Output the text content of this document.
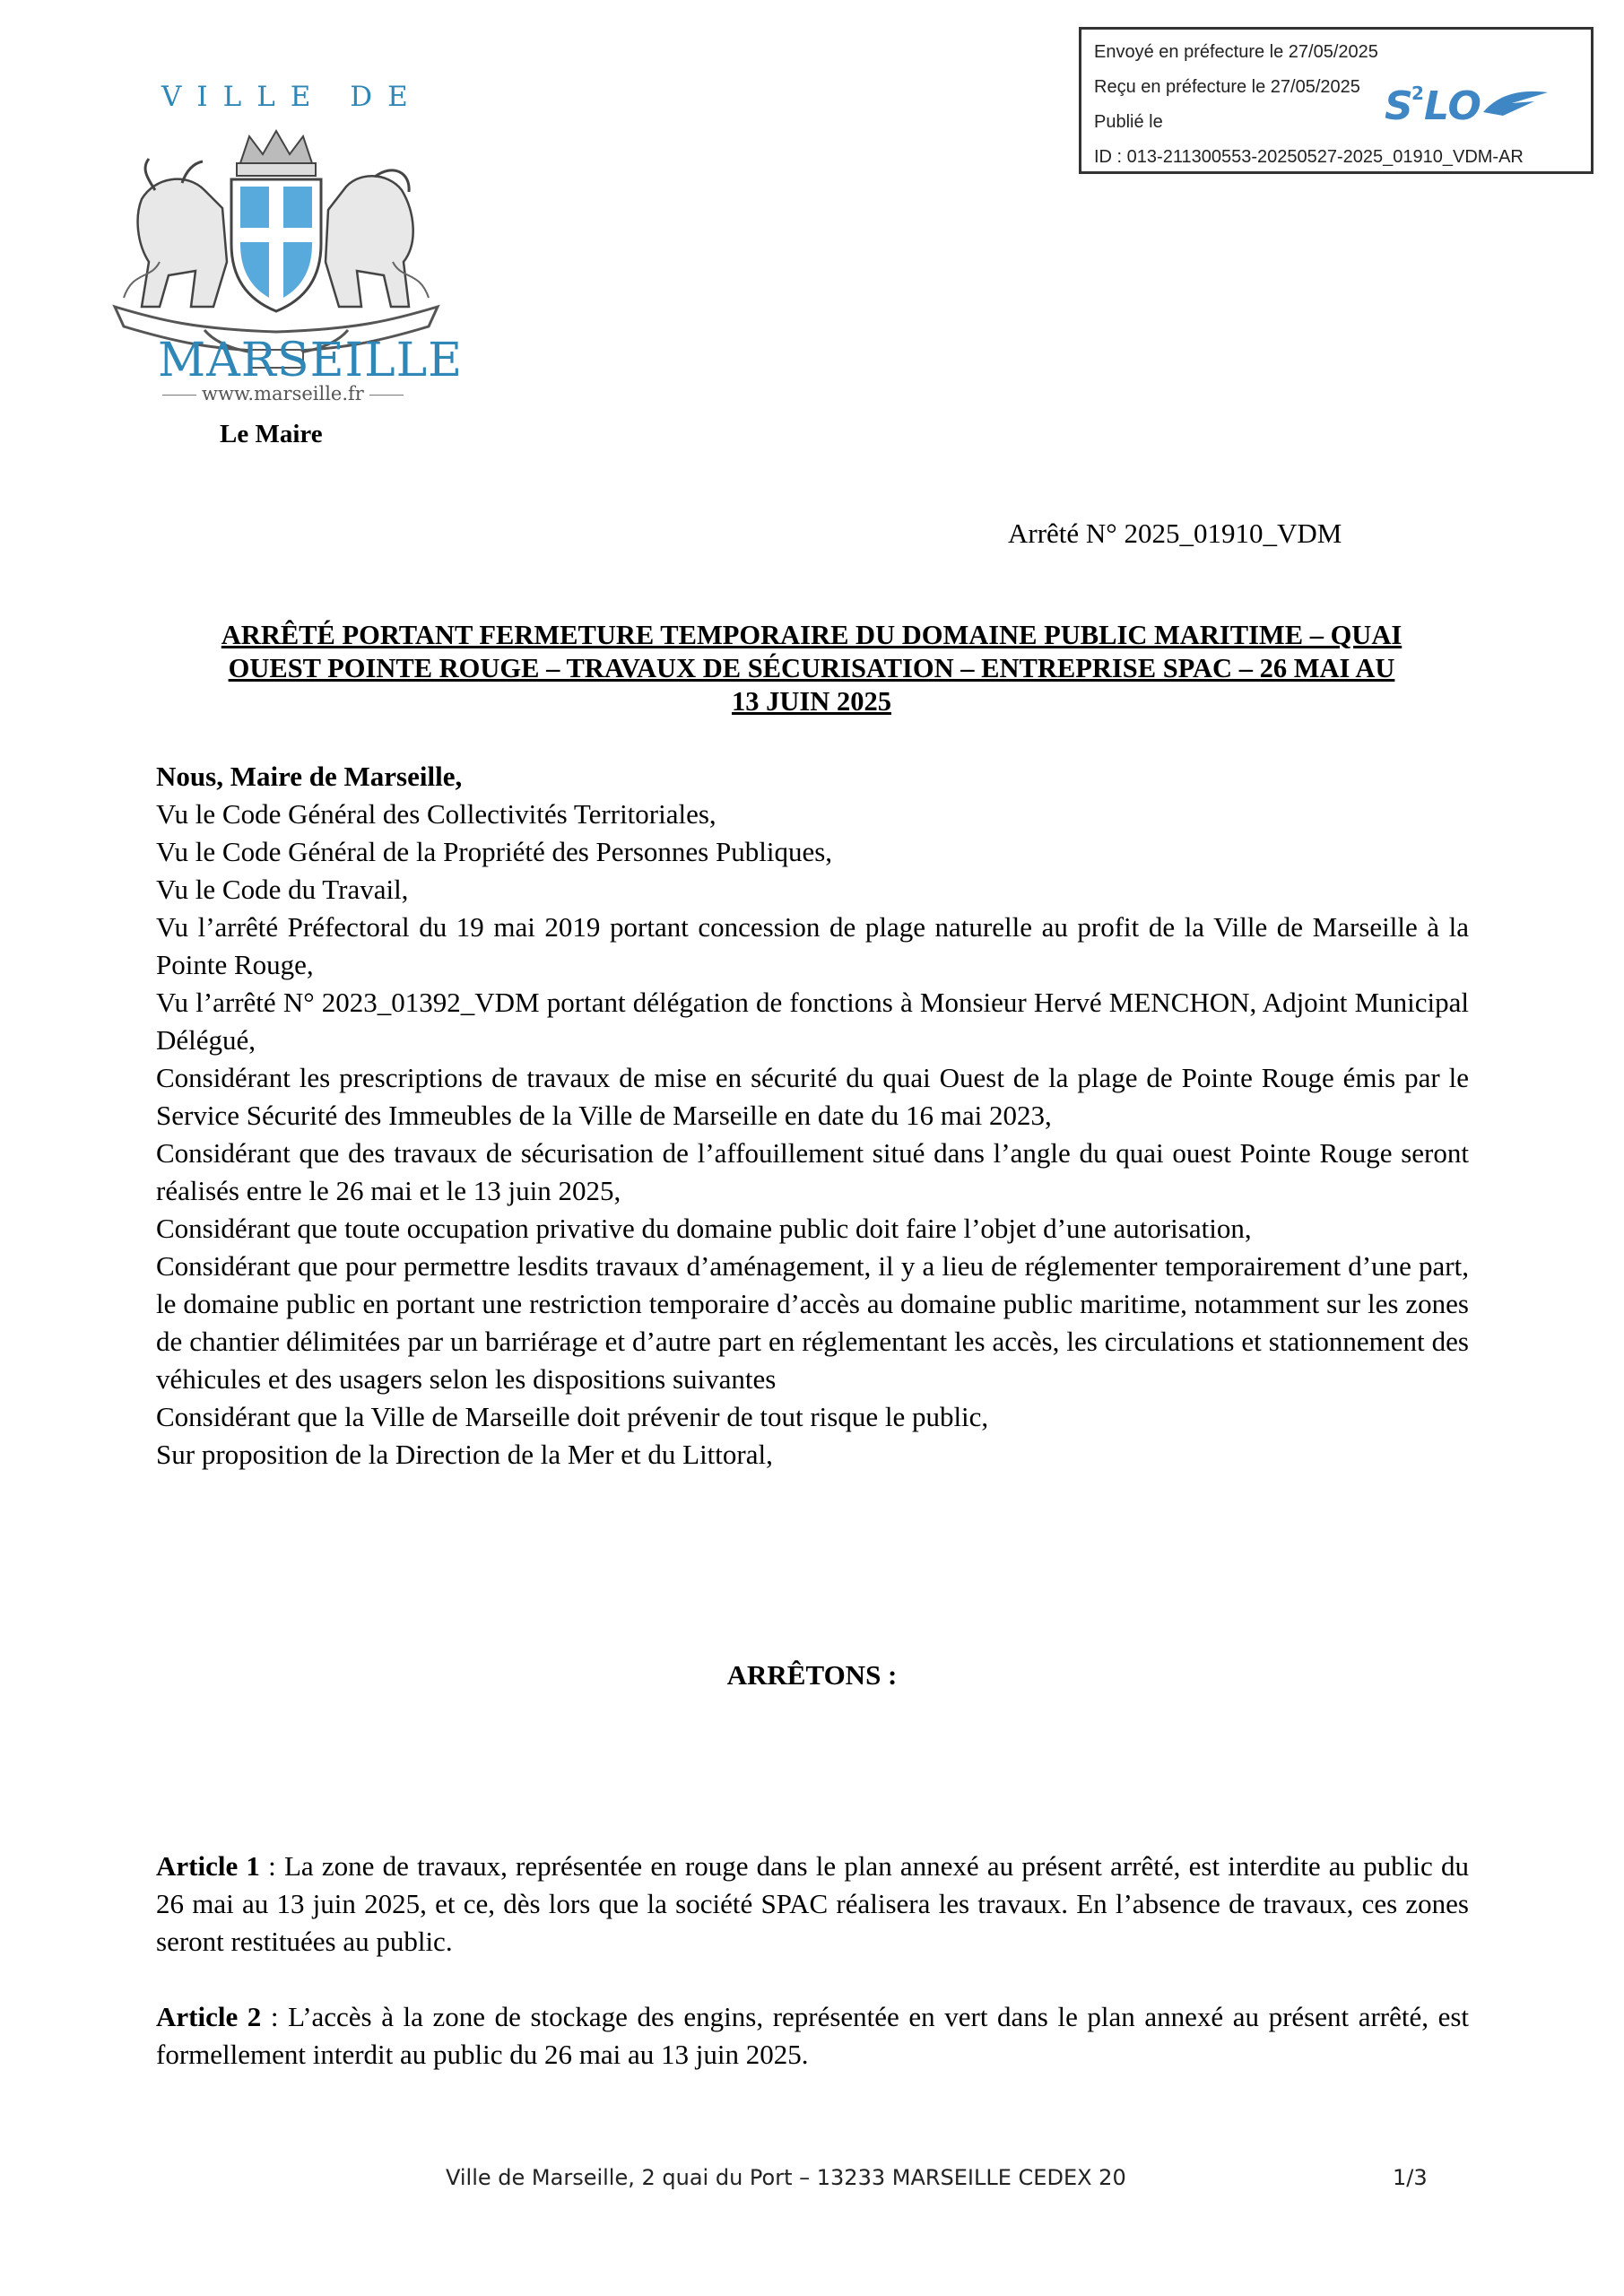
VILLE DE
MARSEILLE
www.marseille.fr
Le Maire
Envoyé en préfecture le 27/05/2025
Reçu en préfecture le 27/05/2025
Publié le
ID : 013-211300553-20250527-2025_01910_VDM-AR
S
2 LO
Arrêté N° 2025_01910_VDM
ARRÊTÉ PORTANT FERMETURE TEMPORAIRE DU DOMAINE PUBLIC MARITIME – QUAI
OUEST POINTE ROUGE – TRAVAUX DE SÉCURISATION – ENTREPRISE SPAC – 26 MAI AU
13 JUIN 2025

Nous, Maire de Marseille,

Vu le Code Général des Collectivités Territoriales,

Vu le Code Général de la Propriété des Personnes Publiques,

Vu le Code du Travail,

Vu l’arrêté Préfectoral du 19 mai 2019 portant concession de plage naturelle au profit de la Ville de Marseille à la Pointe Rouge,

Vu l’arrêté N° 2023_01392_VDM portant délégation de fonctions à Monsieur Hervé MENCHON, Adjoint Municipal Délégué,

Considérant les prescriptions de travaux de mise en sécurité du quai Ouest de la plage de Pointe Rouge émis par le Service Sécurité des Immeubles de la Ville de Marseille en date du 16 mai 2023,

Considérant que des travaux de sécurisation de l’affouillement situé dans l’angle du quai ouest Pointe Rouge seront réalisés entre le 26 mai et le 13 juin 2025,

Considérant que toute occupation privative du domaine public doit faire l’objet d’une autorisation,

Considérant que pour permettre lesdits travaux d’aménagement, il y a lieu de réglementer temporairement d’une part, le domaine public en portant une restriction temporaire d’accès au domaine public maritime, notamment sur les zones de chantier délimitées par un barriérage et d’autre part en réglementant les accès, les circulations et stationnement des véhicules et des usagers selon les dispositions suivantes

Considérant que la Ville de Marseille doit prévenir de tout risque le public,

Sur proposition de la Direction de la Mer et du Littoral,

ARRÊTONS :

Article 1 : La zone de travaux, représentée en rouge dans le plan annexé au présent arrêté, est interdite au public du 26 mai au 13 juin 2025, et ce, dès lors que la société SPAC réalisera les travaux. En l’absence de travaux, ces zones seront restituées au public.

Article 2 : L’accès à la zone de stockage des engins, représentée en vert dans le plan annexé au présent arrêté, est formellement interdit au public du 26 mai au 13 juin 2025.

Ville de Marseille, 2 quai du Port – 13233 MARSEILLE CEDEX 20	1/3
